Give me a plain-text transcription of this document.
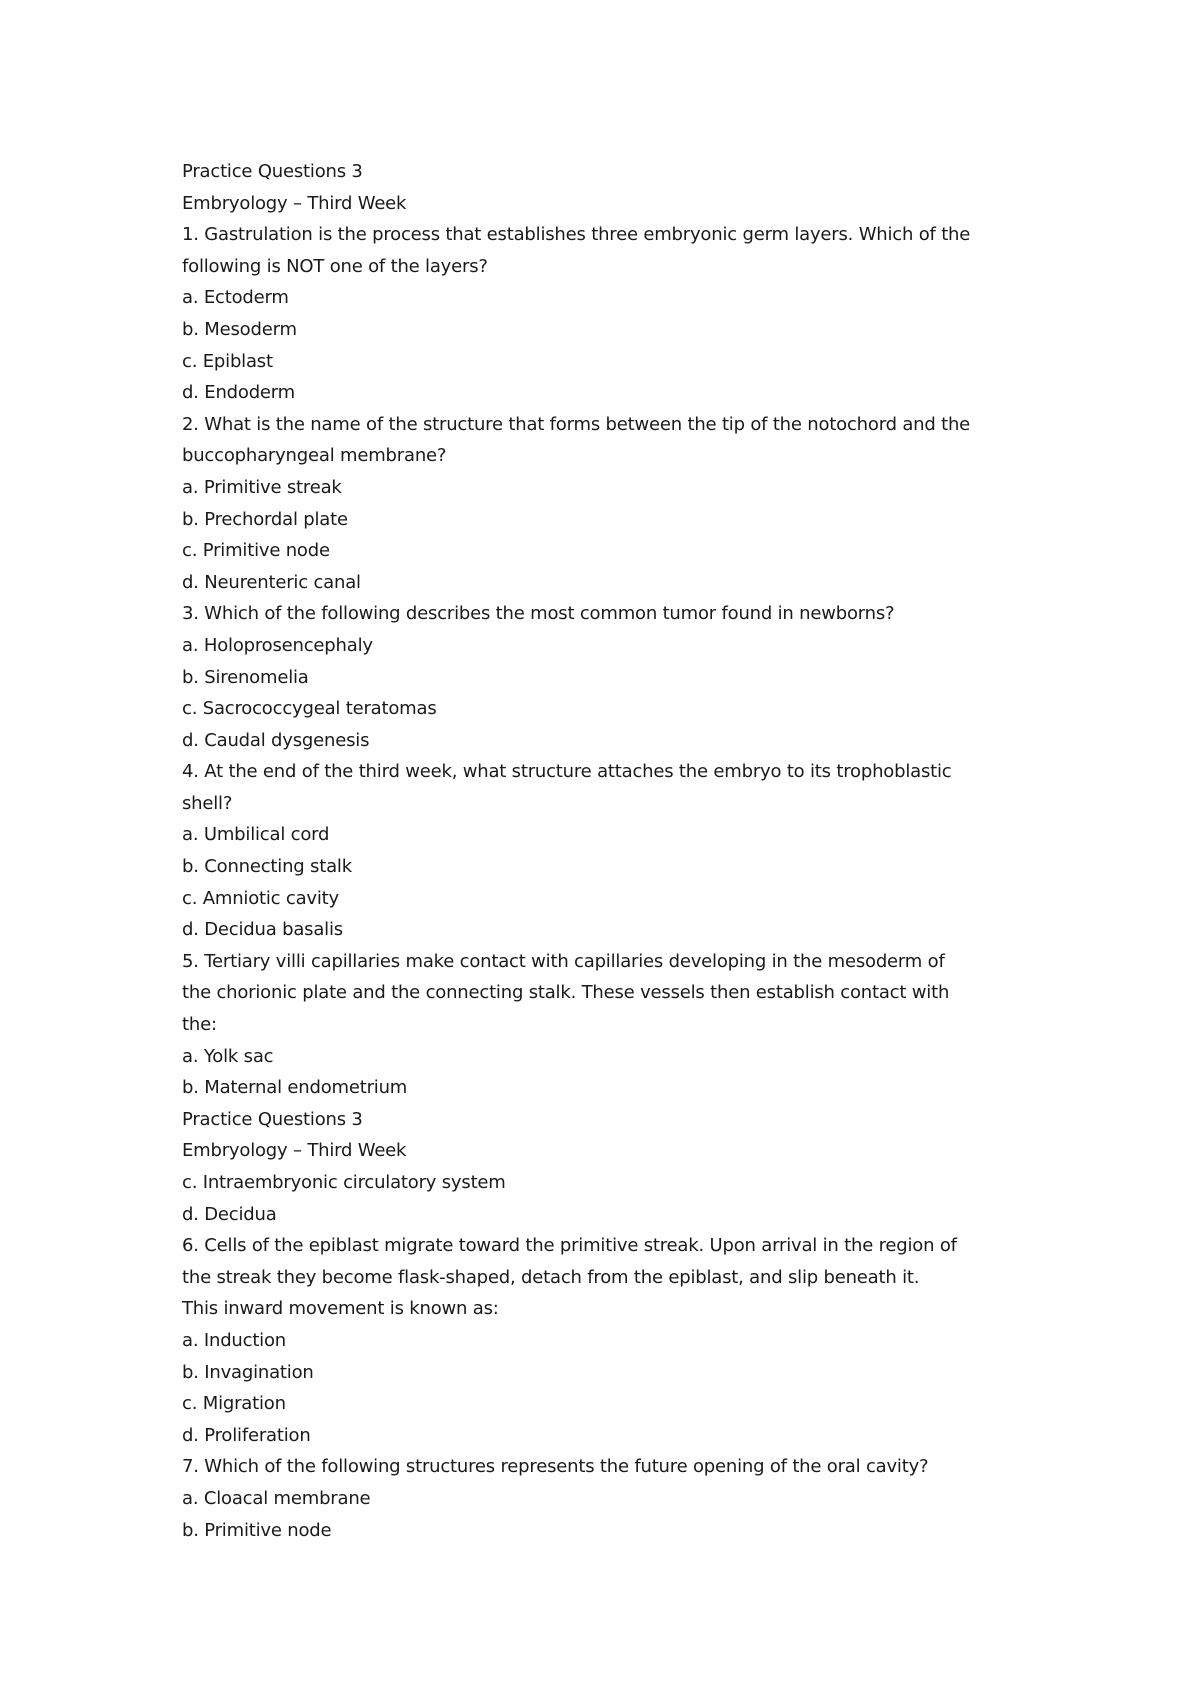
Practice Questions 3
Embryology – Third Week
1. Gastrulation is the process that establishes three embryonic germ layers. Which of the
following is NOT one of the layers?
a. Ectoderm
b. Mesoderm
c. Epiblast
d. Endoderm
2. What is the name of the structure that forms between the tip of the notochord and the
buccopharyngeal membrane?
a. Primitive streak
b. Prechordal plate
c. Primitive node
d. Neurenteric canal
3. Which of the following describes the most common tumor found in newborns?
a. Holoprosencephaly
b. Sirenomelia
c. Sacrococcygeal teratomas
d. Caudal dysgenesis
4. At the end of the third week, what structure attaches the embryo to its trophoblastic
shell?
a. Umbilical cord
b. Connecting stalk
c. Amniotic cavity
d. Decidua basalis
5. Tertiary villi capillaries make contact with capillaries developing in the mesoderm of
the chorionic plate and the connecting stalk. These vessels then establish contact with
the:
a. Yolk sac
b. Maternal endometrium
Practice Questions 3
Embryology – Third Week
c. Intraembryonic circulatory system
d. Decidua
6. Cells of the epiblast migrate toward the primitive streak. Upon arrival in the region of
the streak they become flask-shaped, detach from the epiblast, and slip beneath it.
This inward movement is known as:
a. Induction
b. Invagination
c. Migration
d. Proliferation
7. Which of the following structures represents the future opening of the oral cavity?
a. Cloacal membrane
b. Primitive node
